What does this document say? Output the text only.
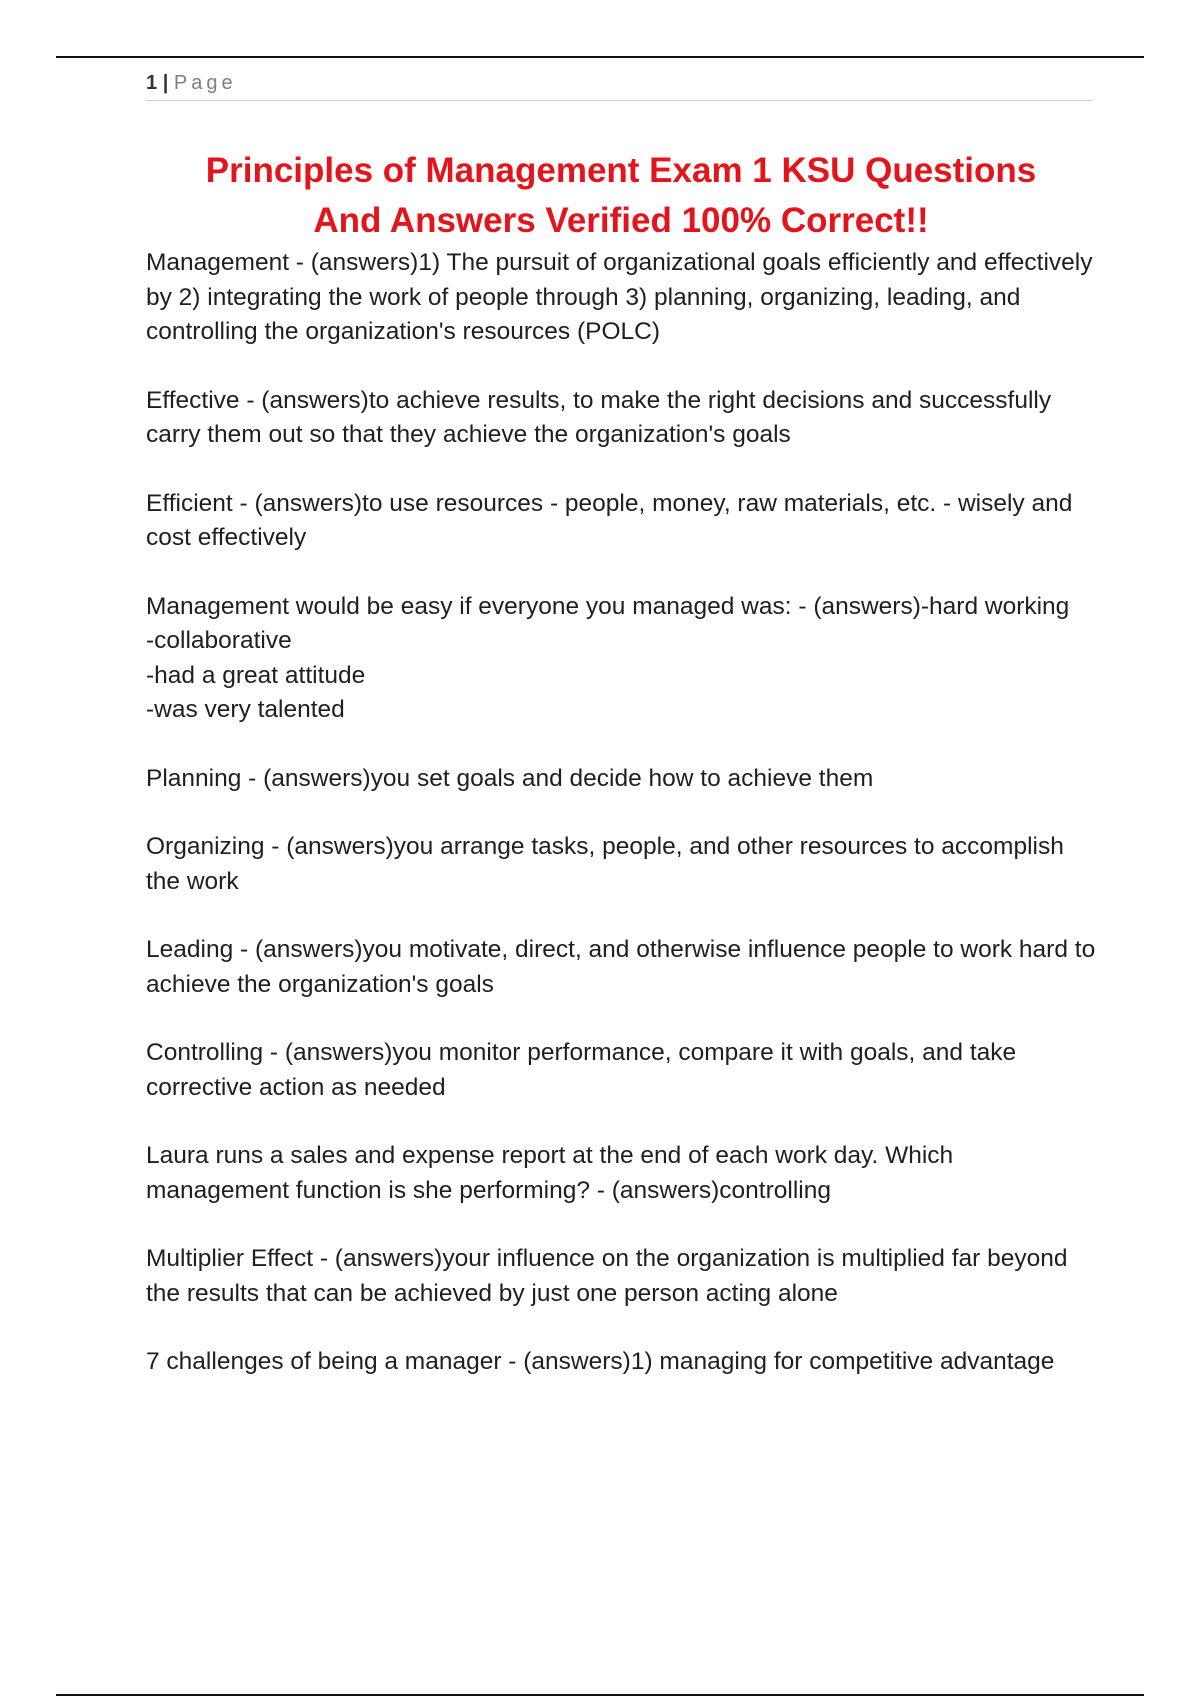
1 | Page
Principles of Management Exam 1 KSU Questions
And Answers Verified 100% Correct!!

Management - (answers)1) The pursuit of organizational goals efficiently and effectively by 2) integrating the work of people through 3) planning, organizing, leading, and controlling the organization's resources (POLC)

Effective - (answers)to achieve results, to make the right decisions and successfully carry them out so that they achieve the organization's goals

Efficient - (answers)to use resources - people, money, raw materials, etc. - wisely and cost effectively

Management would be easy if everyone you managed was: - (answers)-hard working
-collaborative
-had a great attitude
-was very talented

Planning - (answers)you set goals and decide how to achieve them

Organizing - (answers)you arrange tasks, people, and other resources to accomplish the work

Leading - (answers)you motivate, direct, and otherwise influence people to work hard to achieve the organization's goals

Controlling - (answers)you monitor performance, compare it with goals, and take corrective action as needed

Laura runs a sales and expense report at the end of each work day. Which management function is she performing? - (answers)controlling

Multiplier Effect - (answers)your influence on the organization is multiplied far beyond the results that can be achieved by just one person acting alone

7 challenges of being a manager - (answers)1) managing for competitive advantage
